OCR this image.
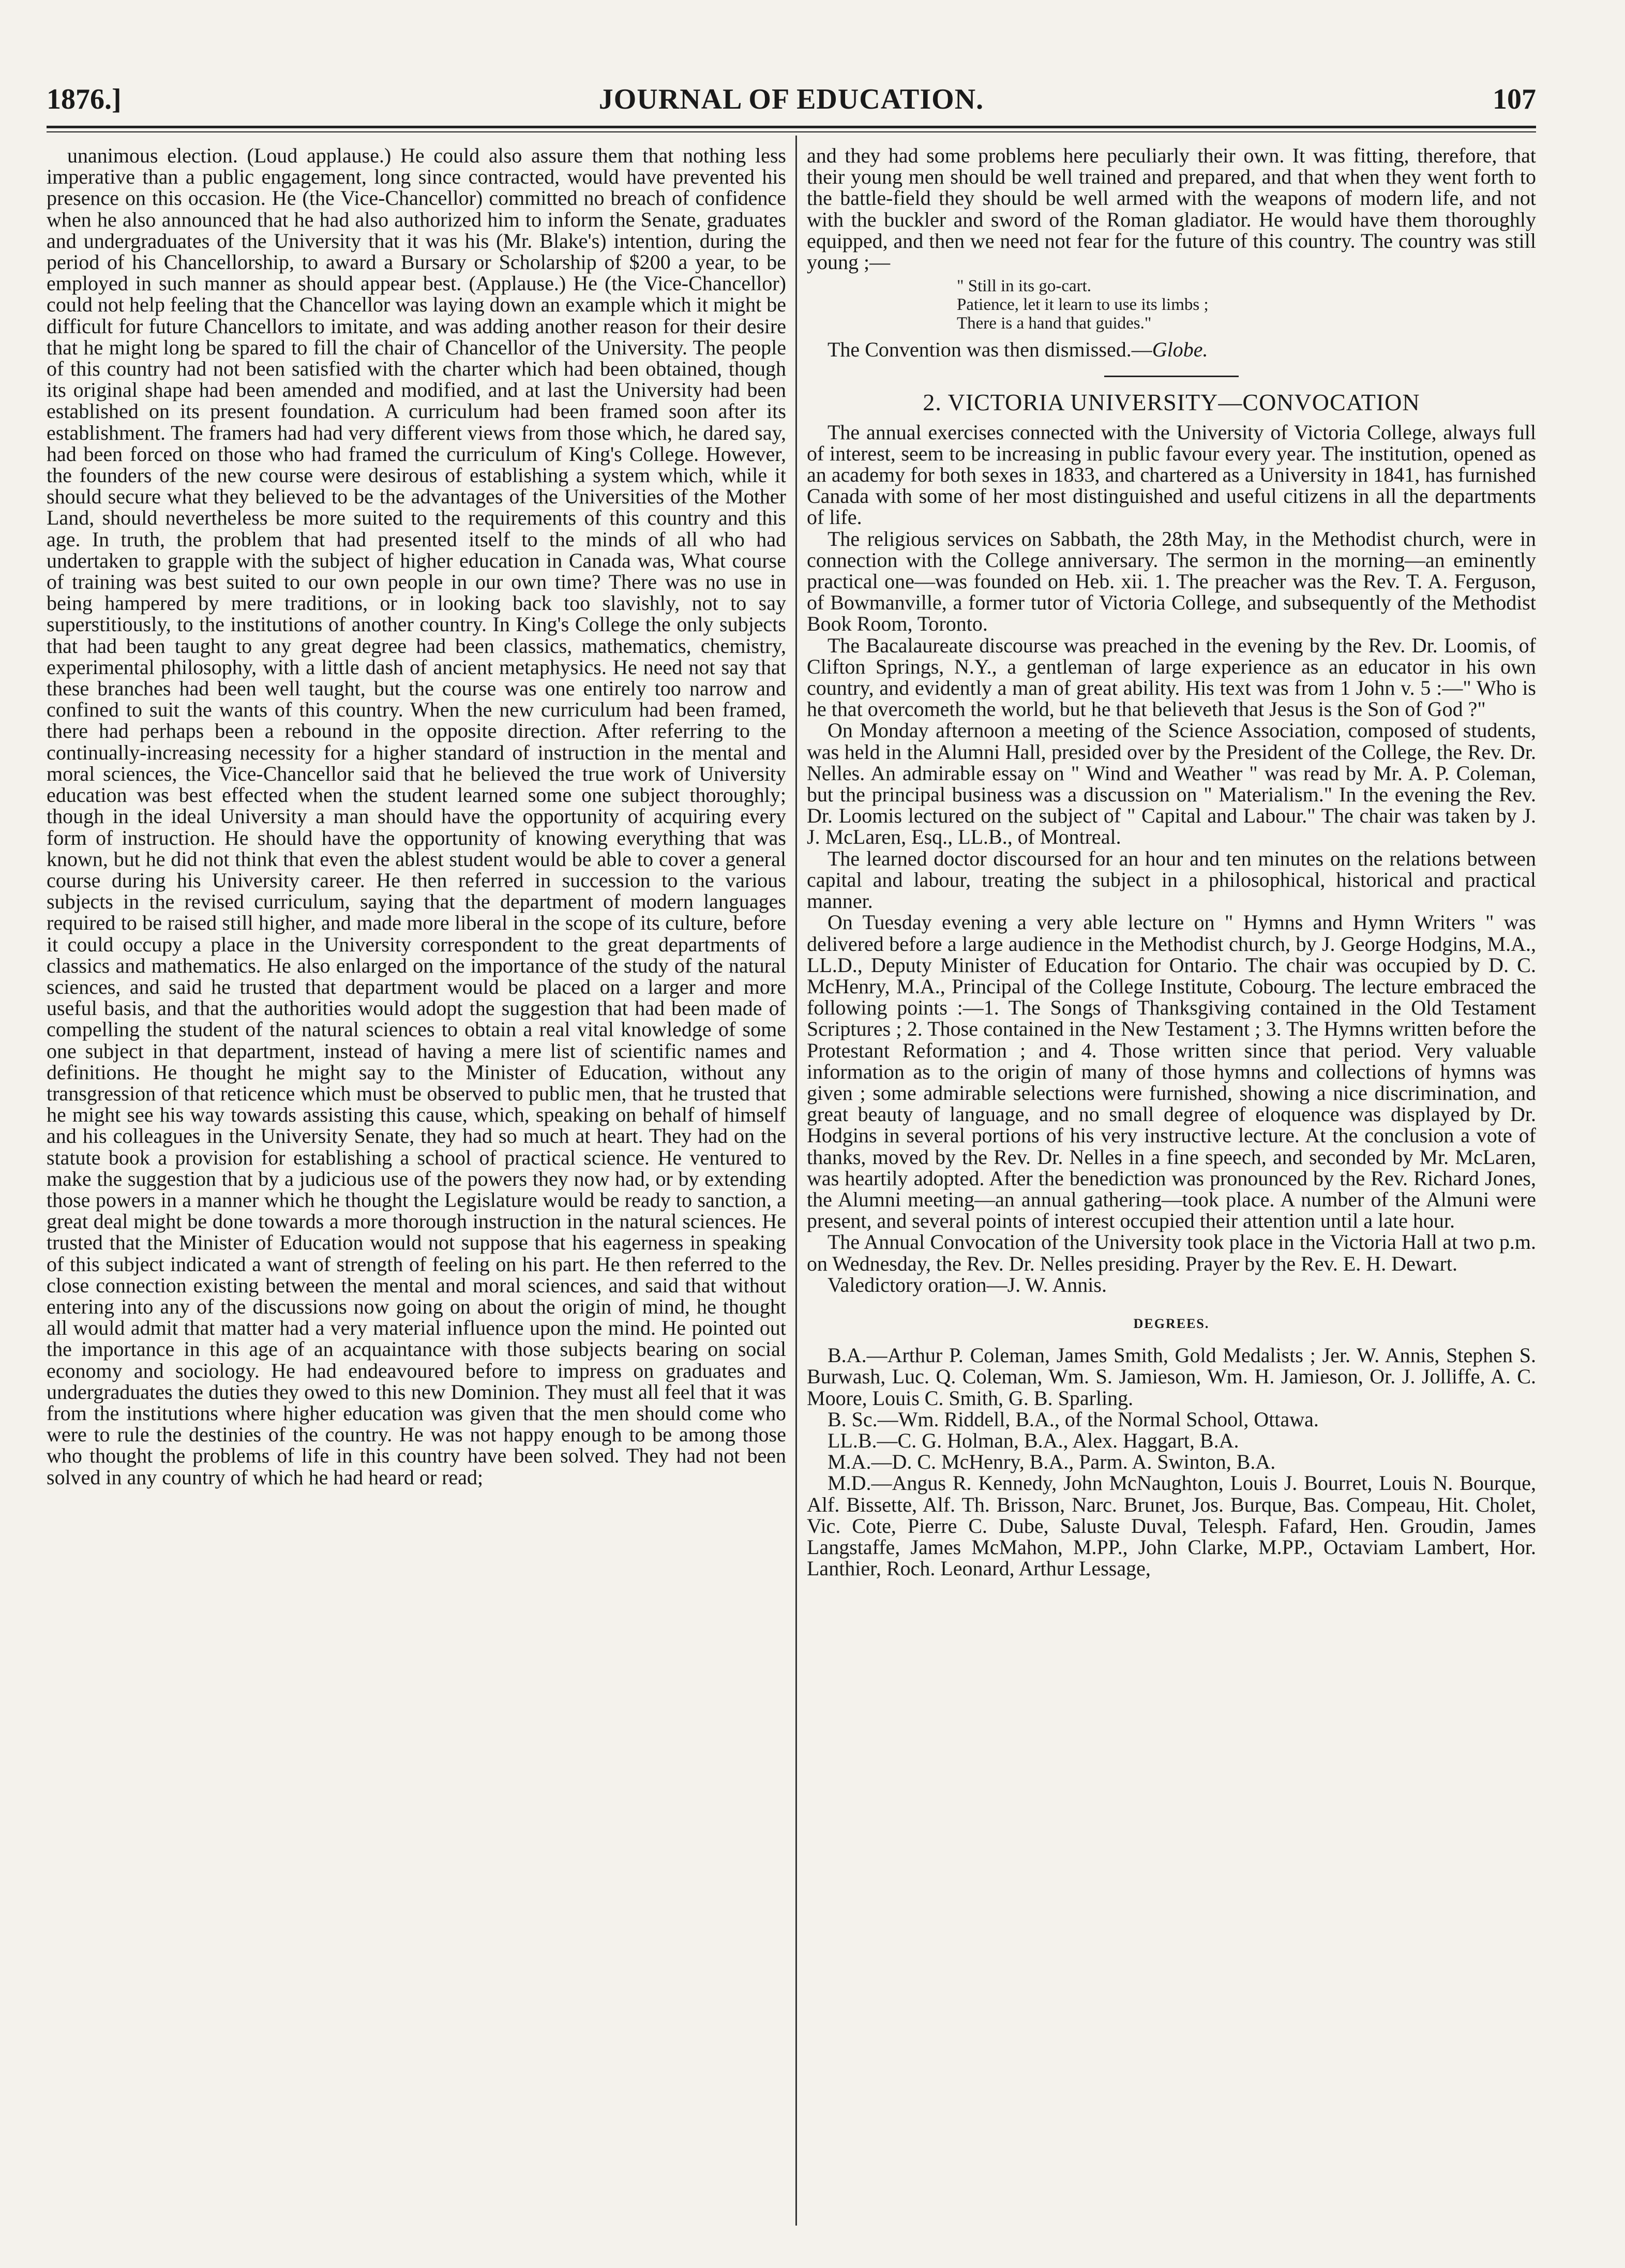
1876.]	JOURNAL OF EDUCATION.	107

unanimous election. (Loud applause.) He could also assure them that nothing less imperative than a public engagement, long since contracted, would have prevented his presence on this occasion. He (the Vice-Chancellor) committed no breach of confidence when he also announced that he had also authorized him to inform the Senate, graduates and undergraduates of the University that it was his (Mr. Blake's) intention, during the period of his Chancellorship, to award a Bursary or Scholarship of $200 a year, to be employed in such manner as should appear best. (Applause.) He (the Vice-Chancellor) could not help feeling that the Chancellor was laying down an example which it might be difficult for future Chancellors to imitate, and was adding another reason for their desire that he might long be spared to fill the chair of Chancellor of the University. The people of this country had not been satisfied with the charter which had been obtained, though its original shape had been amended and modified, and at last the University had been established on its present foundation. A curriculum had been framed soon after its establishment. The framers had had very different views from those which, he dared say, had been forced on those who had framed the curriculum of King's College. However, the founders of the new course were desirous of establishing a system which, while it should secure what they believed to be the advantages of the Universities of the Mother Land, should nevertheless be more suited to the requirements of this country and this age. In truth, the problem that had presented itself to the minds of all who had undertaken to grapple with the subject of higher education in Canada was, What course of training was best suited to our own people in our own time? There was no use in being hampered by mere traditions, or in looking back too slavishly, not to say superstitiously, to the institutions of another country. In King's College the only subjects that had been taught to any great degree had been classics, mathematics, chemistry, experimental philosophy, with a little dash of ancient metaphysics. He need not say that these branches had been well taught, but the course was one entirely too narrow and confined to suit the wants of this country. When the new curriculum had been framed, there had perhaps been a rebound in the opposite direction. After referring to the continually-increasing necessity for a higher standard of instruction in the mental and moral sciences, the Vice-Chancellor said that he believed the true work of University education was best effected when the student learned some one subject thoroughly; though in the ideal University a man should have the opportunity of acquiring every form of instruction. He should have the opportunity of knowing everything that was known, but he did not think that even the ablest student would be able to cover a general course during his University career. He then referred in succession to the various subjects in the revised curriculum, saying that the department of modern languages required to be raised still higher, and made more liberal in the scope of its culture, before it could occupy a place in the University correspondent to the great departments of classics and mathematics. He also enlarged on the importance of the study of the natural sciences, and said he trusted that department would be placed on a larger and more useful basis, and that the authorities would adopt the suggestion that had been made of compelling the student of the natural sciences to obtain a real vital knowledge of some one subject in that department, instead of having a mere list of scientific names and definitions. He thought he might say to the Minister of Education, without any transgression of that reticence which must be observed to public men, that he trusted that he might see his way towards assisting this cause, which, speaking on behalf of himself and his colleagues in the University Senate, they had so much at heart. They had on the statute book a provision for establishing a school of practical science. He ventured to make the suggestion that by a judicious use of the powers they now had, or by extending those powers in a manner which he thought the Legislature would be ready to sanction, a great deal might be done towards a more thorough instruction in the natural sciences. He trusted that the Minister of Education would not suppose that his eagerness in speaking of this subject indicated a want of strength of feeling on his part. He then referred to the close connection existing between the mental and moral sciences, and said that without entering into any of the discussions now going on about the origin of mind, he thought all would admit that matter had a very material influence upon the mind. He pointed out the importance in this age of an acquaintance with those subjects bearing on social economy and sociology. He had endeavoured before to impress on graduates and undergraduates the duties they owed to this new Dominion. They must all feel that it was from the institutions where higher education was given that the men should come who were to rule the destinies of the country. He was not happy enough to be among those who thought the problems of life in this country have been solved. They had not been solved in any country of which he had heard or read;

and they had some problems here peculiarly their own. It was fitting, therefore, that their young men should be well trained and prepared, and that when they went forth to the battle-field they should be well armed with the weapons of modern life, and not with the buckler and sword of the Roman gladiator. He would have them thoroughly equipped, and then we need not fear for the future of this country. The country was still young ;—

" Still in its go-cart.
Patience, let it learn to use its limbs ;
There is a hand that guides."

The Convention was then dismissed.—Globe.

2. VICTORIA UNIVERSITY—CONVOCATION

The annual exercises connected with the University of Victoria College, always full of interest, seem to be increasing in public favour every year. The institution, opened as an academy for both sexes in 1833, and chartered as a University in 1841, has furnished Canada with some of her most distinguished and useful citizens in all the departments of life.

The religious services on Sabbath, the 28th May, in the Methodist church, were in connection with the College anniversary. The sermon in the morning—an eminently practical one—was founded on Heb. xii. 1. The preacher was the Rev. T. A. Ferguson, of Bowmanville, a former tutor of Victoria College, and subsequently of the Methodist Book Room, Toronto.

The Bacalaureate discourse was preached in the evening by the Rev. Dr. Loomis, of Clifton Springs, N.Y., a gentleman of large experience as an educator in his own country, and evidently a man of great ability. His text was from 1 John v. 5 :—" Who is he that overcometh the world, but he that believeth that Jesus is the Son of God ?"

On Monday afternoon a meeting of the Science Association, composed of students, was held in the Alumni Hall, presided over by the President of the College, the Rev. Dr. Nelles. An admirable essay on " Wind and Weather " was read by Mr. A. P. Coleman, but the principal business was a discussion on " Materialism." In the evening the Rev. Dr. Loomis lectured on the subject of " Capital and Labour." The chair was taken by J. J. McLaren, Esq., LL.B., of Montreal.

The learned doctor discoursed for an hour and ten minutes on the relations between capital and labour, treating the subject in a philosophical, historical and practical manner.

On Tuesday evening a very able lecture on " Hymns and Hymn Writers " was delivered before a large audience in the Methodist church, by J. George Hodgins, M.A., LL.D., Deputy Minister of Education for Ontario. The chair was occupied by D. C. McHenry, M.A., Principal of the College Institute, Cobourg. The lecture embraced the following points :—1. The Songs of Thanksgiving contained in the Old Testament Scriptures ; 2. Those contained in the New Testament ; 3. The Hymns written before the Protestant Reformation ; and 4. Those written since that period. Very valuable information as to the origin of many of those hymns and collections of hymns was given ; some admirable selections were furnished, showing a nice discrimination, and great beauty of language, and no small degree of eloquence was displayed by Dr. Hodgins in several portions of his very instructive lecture. At the conclusion a vote of thanks, moved by the Rev. Dr. Nelles in a fine speech, and seconded by Mr. McLaren, was heartily adopted. After the benediction was pronounced by the Rev. Richard Jones, the Alumni meeting—an annual gathering—took place. A number of the Almuni were present, and several points of interest occupied their attention until a late hour.

The Annual Convocation of the University took place in the Victoria Hall at two p.m. on Wednesday, the Rev. Dr. Nelles presiding. Prayer by the Rev. E. H. Dewart.

Valedictory oration—J. W. Annis.

DEGREES.

B.A.—Arthur P. Coleman, James Smith, Gold Medalists ; Jer. W. Annis, Stephen S. Burwash, Luc. Q. Coleman, Wm. S. Jamieson, Wm. H. Jamieson, Or. J. Jolliffe, A. C. Moore, Louis C. Smith, G. B. Sparling.

B. Sc.—Wm. Riddell, B.A., of the Normal School, Ottawa.

LL.B.—C. G. Holman, B.A., Alex. Haggart, B.A.

M.A.—D. C. McHenry, B.A., Parm. A. Swinton, B.A.

M.D.—Angus R. Kennedy, John McNaughton, Louis J. Bourret, Louis N. Bourque, Alf. Bissette, Alf. Th. Brisson, Narc. Brunet, Jos. Burque, Bas. Compeau, Hit. Cholet, Vic. Cote, Pierre C. Dube, Saluste Duval, Telesph. Fafard, Hen. Groudin, James Langstaffe, James McMahon, M.PP., John Clarke, M.PP., Octaviam Lambert, Hor. Lanthier, Roch. Leonard, Arthur Lessage,
